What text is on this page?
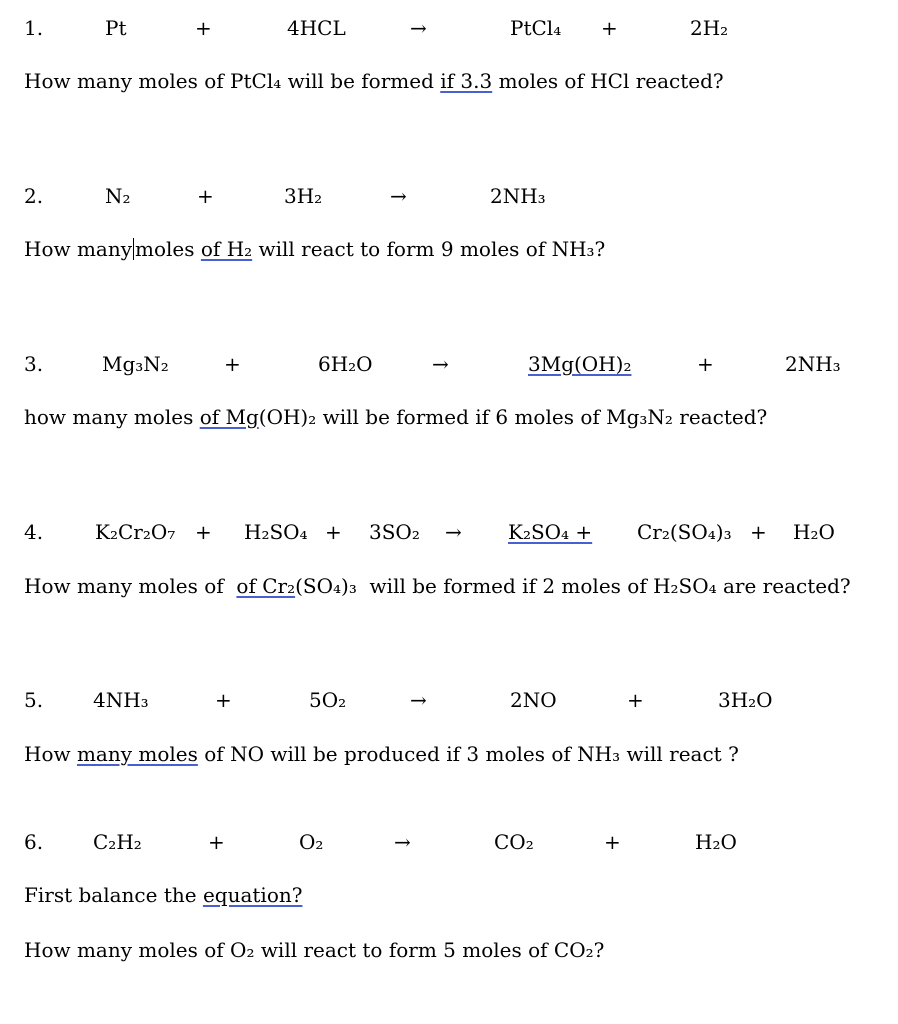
1.	Pt	+	4HCL	→	PtCl₄ +	2H₂
How many moles of PtCl₄ will be formed if 3.3 moles of HCl reacted?
2.	N₂	+	3H₂	→	2NH₃
How many moles of H₂ will react to form 9 moles of NH₃?
3.	Mg₃N₂	+	6H₂O	→	3Mg(OH)₂	+	2NH₃
how many moles of Mg(OH)₂ will be formed if 6 moles of Mg₃N₂ reacted?
4.	K₂Cr₂O₇ + H₂SO₄ + 3SO₂ → K₂SO₄ + Cr₂(SO₄)₃ + H₂O
How many moles of  of Cr₂(SO₄)₃  will be formed if 2 moles of H₂SO₄ are reacted?
5. 4NH₃	+	5O₂	→	2NO	+	3H₂O
How many moles of NO will be produced if 3 moles of NH₃ will react ?
6. C₂H₂	+	O₂	→	CO₂	+	H₂O
First balance the equation?
How many moles of O₂ will react to form 5 moles of CO₂?
